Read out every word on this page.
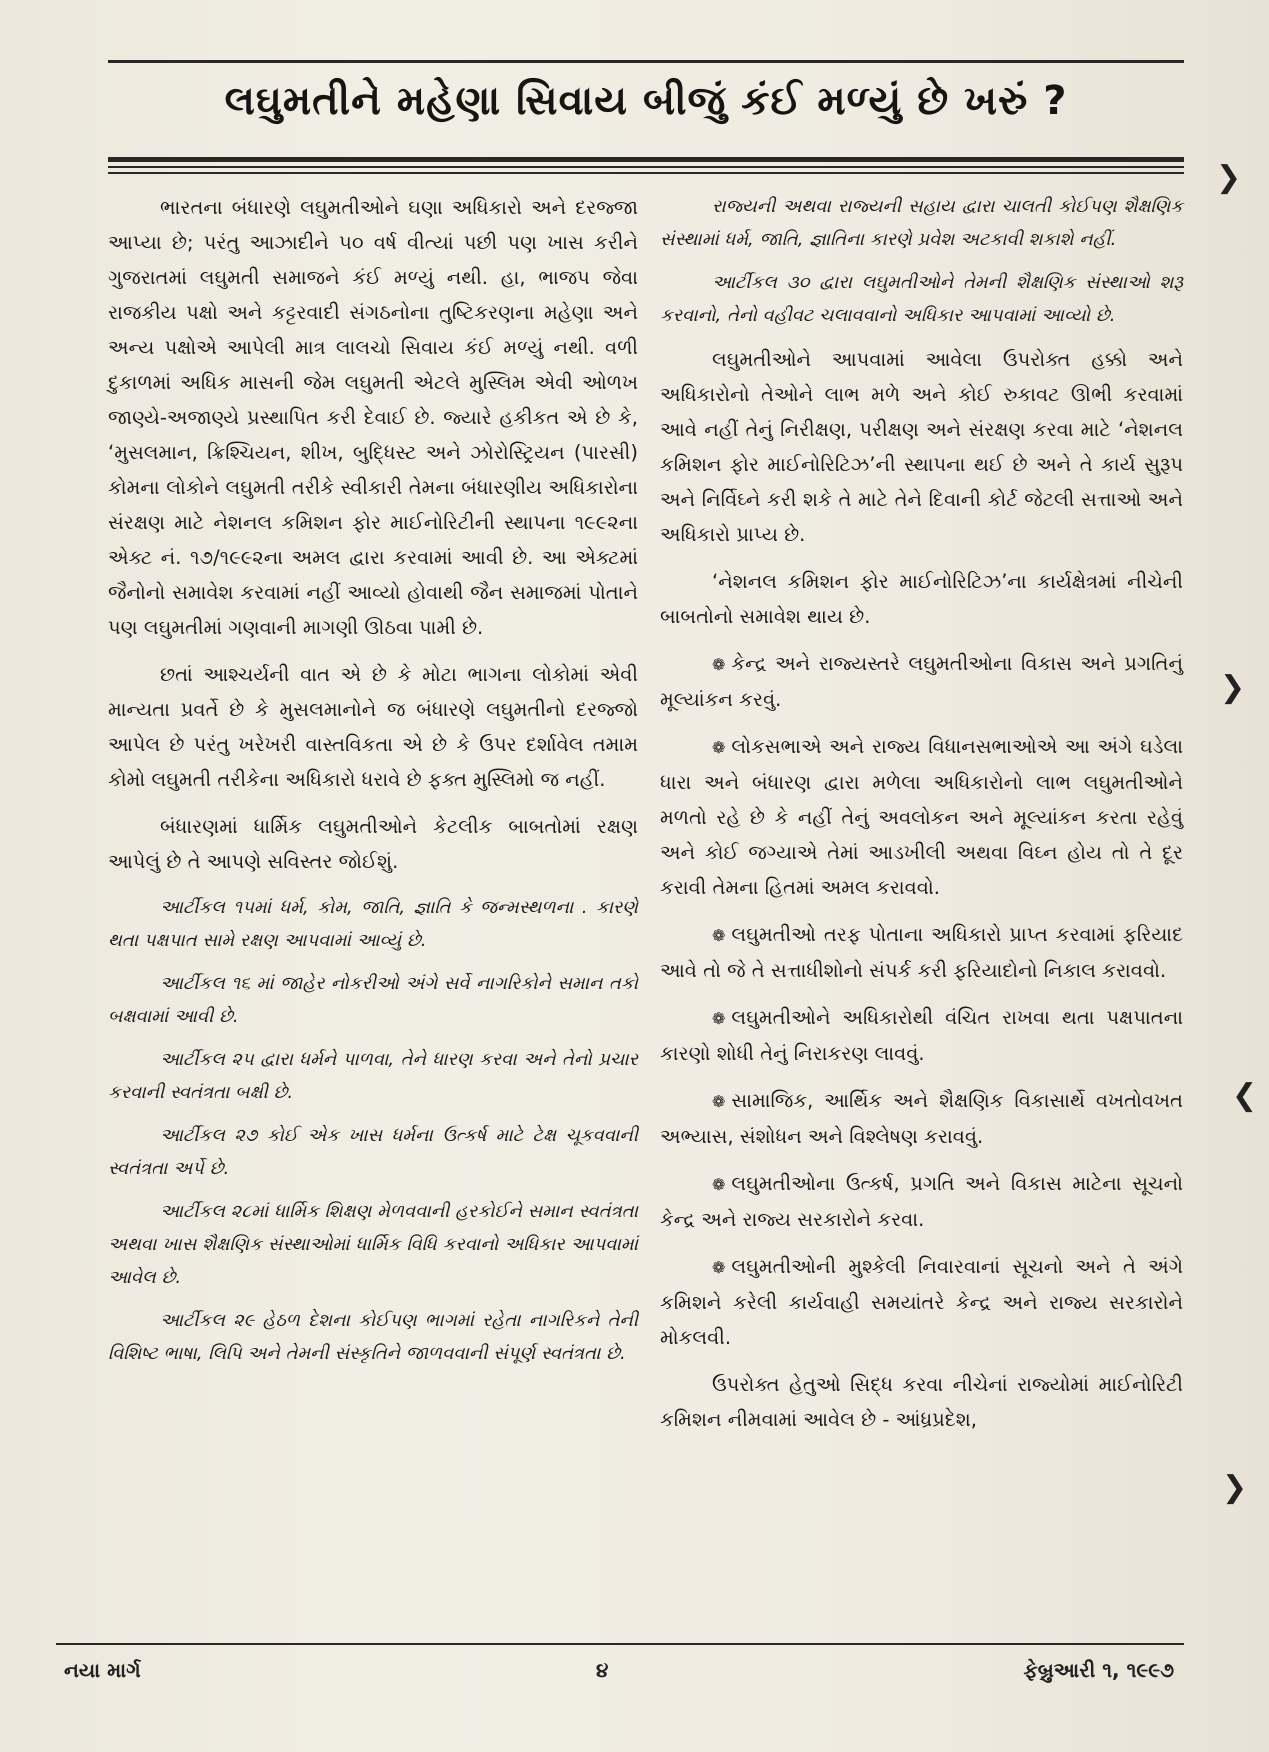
લઘુમતીને મહેણા સિવાય બીજું કંઈ મળ્યું છે ખરું ?

ભારતના બંધારણે લઘુમતીઓને ઘણા અધિકારો અને દરજ્જા આપ્યા છે; પરંતુ આઝાદીને ૫૦ વર્ષ વીત્યાં પછી પણ ખાસ કરીને ગુજરાતમાં લઘુમતી સમાજને કંઈ મળ્યું નથી. હા, ભાજપ જેવા રાજકીય પક્ષો અને કટ્ટરવાદી સંગઠનોના તુષ્ટિકરણના મહેણા અને અન્ય પક્ષોએ આપેલી માત્ર લાલચો સિવાય કંઈ મળ્યું નથી. વળી દુકાળમાં અધિક માસની જેમ લઘુમતી એટલે મુસ્લિમ એવી ઓળખ જાણ્યે-અજાણ્યે પ્રસ્થાપિત કરી દેવાઈ છે. જ્યારે હકીકત એ છે કે, ‘મુસલમાન, ક્રિશ્ચિયન, શીખ, બુદ્ધિસ્ટ અને ઝોરોસ્ટ્રિયન (પારસી) કોમના લોકોને લઘુમતી તરીકે સ્વીકારી તેમના બંધારણીય અધિકારોના સંરક્ષણ માટે નેશનલ કમિશન ફોર માઈનોરિટીની સ્થાપના ૧૯૯૨ના એક્ટ નં. ૧૭/૧૯૯૨ના અમલ દ્વારા કરવામાં આવી છે. આ એક્ટમાં જૈનોનો સમાવેશ કરવામાં નહીં આવ્યો હોવાથી જૈન સમાજમાં પોતાને પણ લઘુમતીમાં ગણવાની માગણી ઊઠવા પામી છે.

છતાં આશ્ચર્યની વાત એ છે કે મોટા ભાગના લોકોમાં એવી માન્યતા પ્રવર્તે છે કે મુસલમાનોને જ બંધારણે લઘુમતીનો દરજ્જો આપેલ છે પરંતુ ખરેખરી વાસ્તવિકતા એ છે કે ઉપર દર્શાવેલ તમામ કોમો લઘુમતી તરીકેના અધિકારો ધરાવે છે ફક્ત મુસ્લિમો જ નહીં.

બંધારણમાં ધાર્મિક લઘુમતીઓને કેટલીક બાબતોમાં રક્ષણ આપેલું છે તે આપણે સવિસ્તર જોઈશું.

આર્ટીકલ ૧૫માં ધર્મ, કોમ, જાતિ, જ્ઞાતિ કે જન્મસ્થળના . કારણે થતા પક્ષપાત સામે રક્ષણ આપવામાં આવ્યું છે.

આર્ટીકલ ૧૬ માં જાહેર નોકરીઓ અંગે સર્વે નાગરિકોને સમાન તકો બક્ષવામાં આવી છે.

આર્ટીકલ ૨૫ દ્વારા ધર્મને પાળવા, તેને ધારણ કરવા અને તેનો પ્રચાર કરવાની સ્વતંત્રતા બક્ષી છે.

આર્ટીકલ ૨૭ કોઈ એક ખાસ ધર્મના ઉત્કર્ષ માટે ટેક્ષ ચૂકવવાની સ્વતંત્રતા અર્પે છે.

આર્ટીકલ ૨૮માં ધાર્મિક શિક્ષણ મેળવવાની હરકોઈને સમાન સ્વતંત્રતા અથવા ખાસ શૈક્ષણિક સંસ્થાઓમાં ધાર્મિક વિધિ કરવાનો અધિકાર આપવામાં આવેલ છે.

આર્ટીકલ ૨૯ હેઠળ દેશના કોઈપણ ભાગમાં રહેતા નાગરિકને તેની વિશિષ્ટ ભાષા, લિપિ અને તેમની સંસ્કૃતિને જાળવવાની સંપૂર્ણ સ્વતંત્રતા છે.

રાજ્યની અથવા રાજ્યની સહાય દ્વારા ચાલતી કોઈપણ શૈક્ષણિક સંસ્થામાં ધર્મ, જાતિ, જ્ઞાતિના કારણે પ્રવેશ અટકાવી શકાશે નહીં.

આર્ટીકલ ૩૦ દ્વારા લઘુમતીઓને તેમની શૈક્ષણિક સંસ્થાઓ શરૂ કરવાનો, તેનો વહીવટ ચલાવવાનો અધિકાર આપવામાં આવ્યો છે.

લઘુમતીઓને આપવામાં આવેલા ઉપરોક્ત હક્કો અને અધિકારોનો તેઓને લાભ મળે અને કોઈ રુકાવટ ઊભી કરવામાં આવે નહીં તેનું નિરીક્ષણ, પરીક્ષણ અને સંરક્ષણ કરવા માટે ‘નેશનલ કમિશન ફોર માઈનોરિટિઝ’ની સ્થાપના થઈ છે અને તે કાર્ય સુરૂપ અને નિર્વિઘ્ને કરી શકે તે માટે તેને દિવાની કોર્ટ જેટલી સત્તાઓ અને અધિકારો પ્રાપ્ય છે.

‘નેશનલ કમિશન ફોર માઈનોરિટિઝ’ના કાર્યક્ષેત્રમાં નીચેની બાબતોનો સમાવેશ થાય છે.

❁ કેન્દ્ર અને રાજ્યસ્તરે લઘુમતીઓના વિકાસ અને પ્રગતિનું મૂલ્યાંકન કરવું.

❁ લોકસભાએ અને રાજ્ય વિધાનસભાઓએ આ અંગે ઘડેલા ધારા અને બંધારણ દ્વારા મળેલા અધિકારોનો લાભ લઘુમતીઓને મળતો રહે છે કે નહીં તેનું અવલોકન અને મૂલ્યાંકન કરતા રહેવું અને કોઈ જગ્યાએ તેમાં આડખીલી અથવા વિઘ્ન હોય તો તે દૂર કરાવી તેમના હિતમાં અમલ કરાવવો.

❁ લઘુમતીઓ તરફ પોતાના અધિકારો પ્રાપ્ત કરવામાં ફરિયાદ આવે તો જે તે સત્તાધીશોનો સંપર્ક કરી ફરિયાદોનો નિકાલ કરાવવો.

❁ લઘુમતીઓને અધિકારોથી વંચિત રાખવા થતા પક્ષપાતના કારણો શોધી તેનું નિરાકરણ લાવવું.

❁ સામાજિક, આર્થિક અને શૈક્ષણિક વિકાસાર્થે વખતોવખત અભ્યાસ, સંશોધન અને વિશ્લેષણ કરાવવું.

❁ લઘુમતીઓના ઉત્કર્ષ, પ્રગતિ અને વિકાસ માટેના સૂચનો કેન્દ્ર અને રાજ્ય સરકારોને કરવા.

❁ લઘુમતીઓની મુશ્કેલી નિવારવાનાં સૂચનો અને તે અંગે કમિશને કરેલી કાર્યવાહી સમયાંતરે કેન્દ્ર અને રાજ્ય સરકારોને મોકલવી.

ઉપરોક્ત હેતુઓ સિદ્ધ કરવા નીચેનાં રાજ્યોમાં માઈનોરિટી કમિશન નીમવામાં આવેલ છે - આંધ્રપ્રદેશ,

❯
❯
❮
❯
નયા માર્ગ	૪	ફેબ્રુઆરી ૧, ૧૯૯૭
